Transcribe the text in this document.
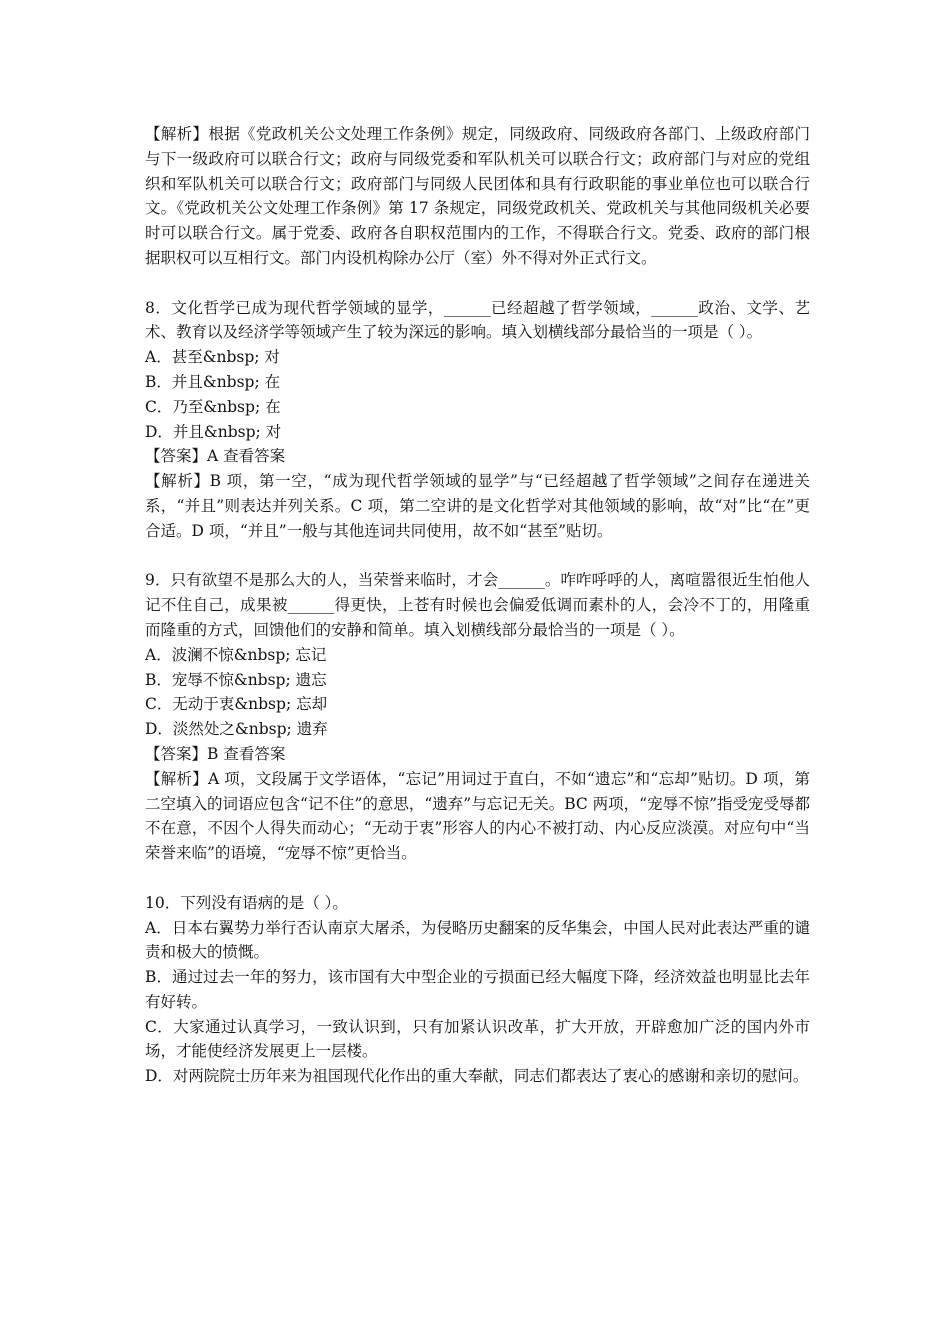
【解析】根据《党政机关公文处理工作条例》规定，同级政府、同级政府各部门、上级政府部门与下一级政府可以联合行文；政府与同级党委和军队机关可以联合行文；政府部门与对应的党组织和军队机关可以联合行文；政府部门与同级人民团体和具有行政职能的事业单位也可以联合行文。《党政机关公文处理工作条例》第 17 条规定，同级党政机关、党政机关与其他同级机关必要时可以联合行文。属于党委、政府各自职权范围内的工作，不得联合行文。党委、政府的部门根据职权可以互相行文。部门内设机构除办公厅（室）外不得对外正式行文。

8．文化哲学已成为现代哲学领域的显学，______已经超越了哲学领域，______政治、文学、艺术、教育以及经济学等领域产生了较为深远的影响。填入划横线部分最恰当的一项是（ ）。

A．甚至&nbsp; 对

B．并且&nbsp; 在

C．乃至&nbsp; 在

D．并且&nbsp; 对

【答案】A 查看答案

【解析】B 项，第一空，“成为现代哲学领域的显学”与“已经超越了哲学领域”之间存在递进关系，“并且”则表达并列关系。C 项，第二空讲的是文化哲学对其他领域的影响，故“对”比“在”更合适。D 项，“并且”一般与其他连词共同使用，故不如“甚至”贴切。

9．只有欲望不是那么大的人，当荣誉来临时，才会______。咋咋呼呼的人，离喧嚣很近生怕他人记不住自己，成果被______得更快，上苍有时候也会偏爱低调而素朴的人，会冷不丁的，用隆重而隆重的方式，回馈他们的安静和简单。填入划横线部分最恰当的一项是（ ）。

A．波澜不惊&nbsp; 忘记

B．宠辱不惊&nbsp; 遗忘

C．无动于衷&nbsp; 忘却

D．淡然处之&nbsp; 遗弃

【答案】B 查看答案

【解析】A 项，文段属于文学语体，“忘记”用词过于直白，不如“遗忘”和“忘却”贴切。D 项，第二空填入的词语应包含“记不住”的意思，“遗弃”与忘记无关。BC 两项，“宠辱不惊”指受宠受辱都不在意，不因个人得失而动心；“无动于衷”形容人的内心不被打动、内心反应淡漠。对应句中“当荣誉来临”的语境，“宠辱不惊”更恰当。

10．下列没有语病的是（ ）。

A．日本右翼势力举行否认南京大屠杀，为侵略历史翻案的反华集会，中国人民对此表达严重的谴责和极大的愤慨。

B．通过过去一年的努力，该市国有大中型企业的亏损面已经大幅度下降，经济效益也明显比去年有好转。

C．大家通过认真学习，一致认识到，只有加紧认识改革，扩大开放，开辟愈加广泛的国内外市场，才能使经济发展更上一层楼。

D．对两院院士历年来为祖国现代化作出的重大奉献，同志们都表达了衷心的感谢和亲切的慰问。
